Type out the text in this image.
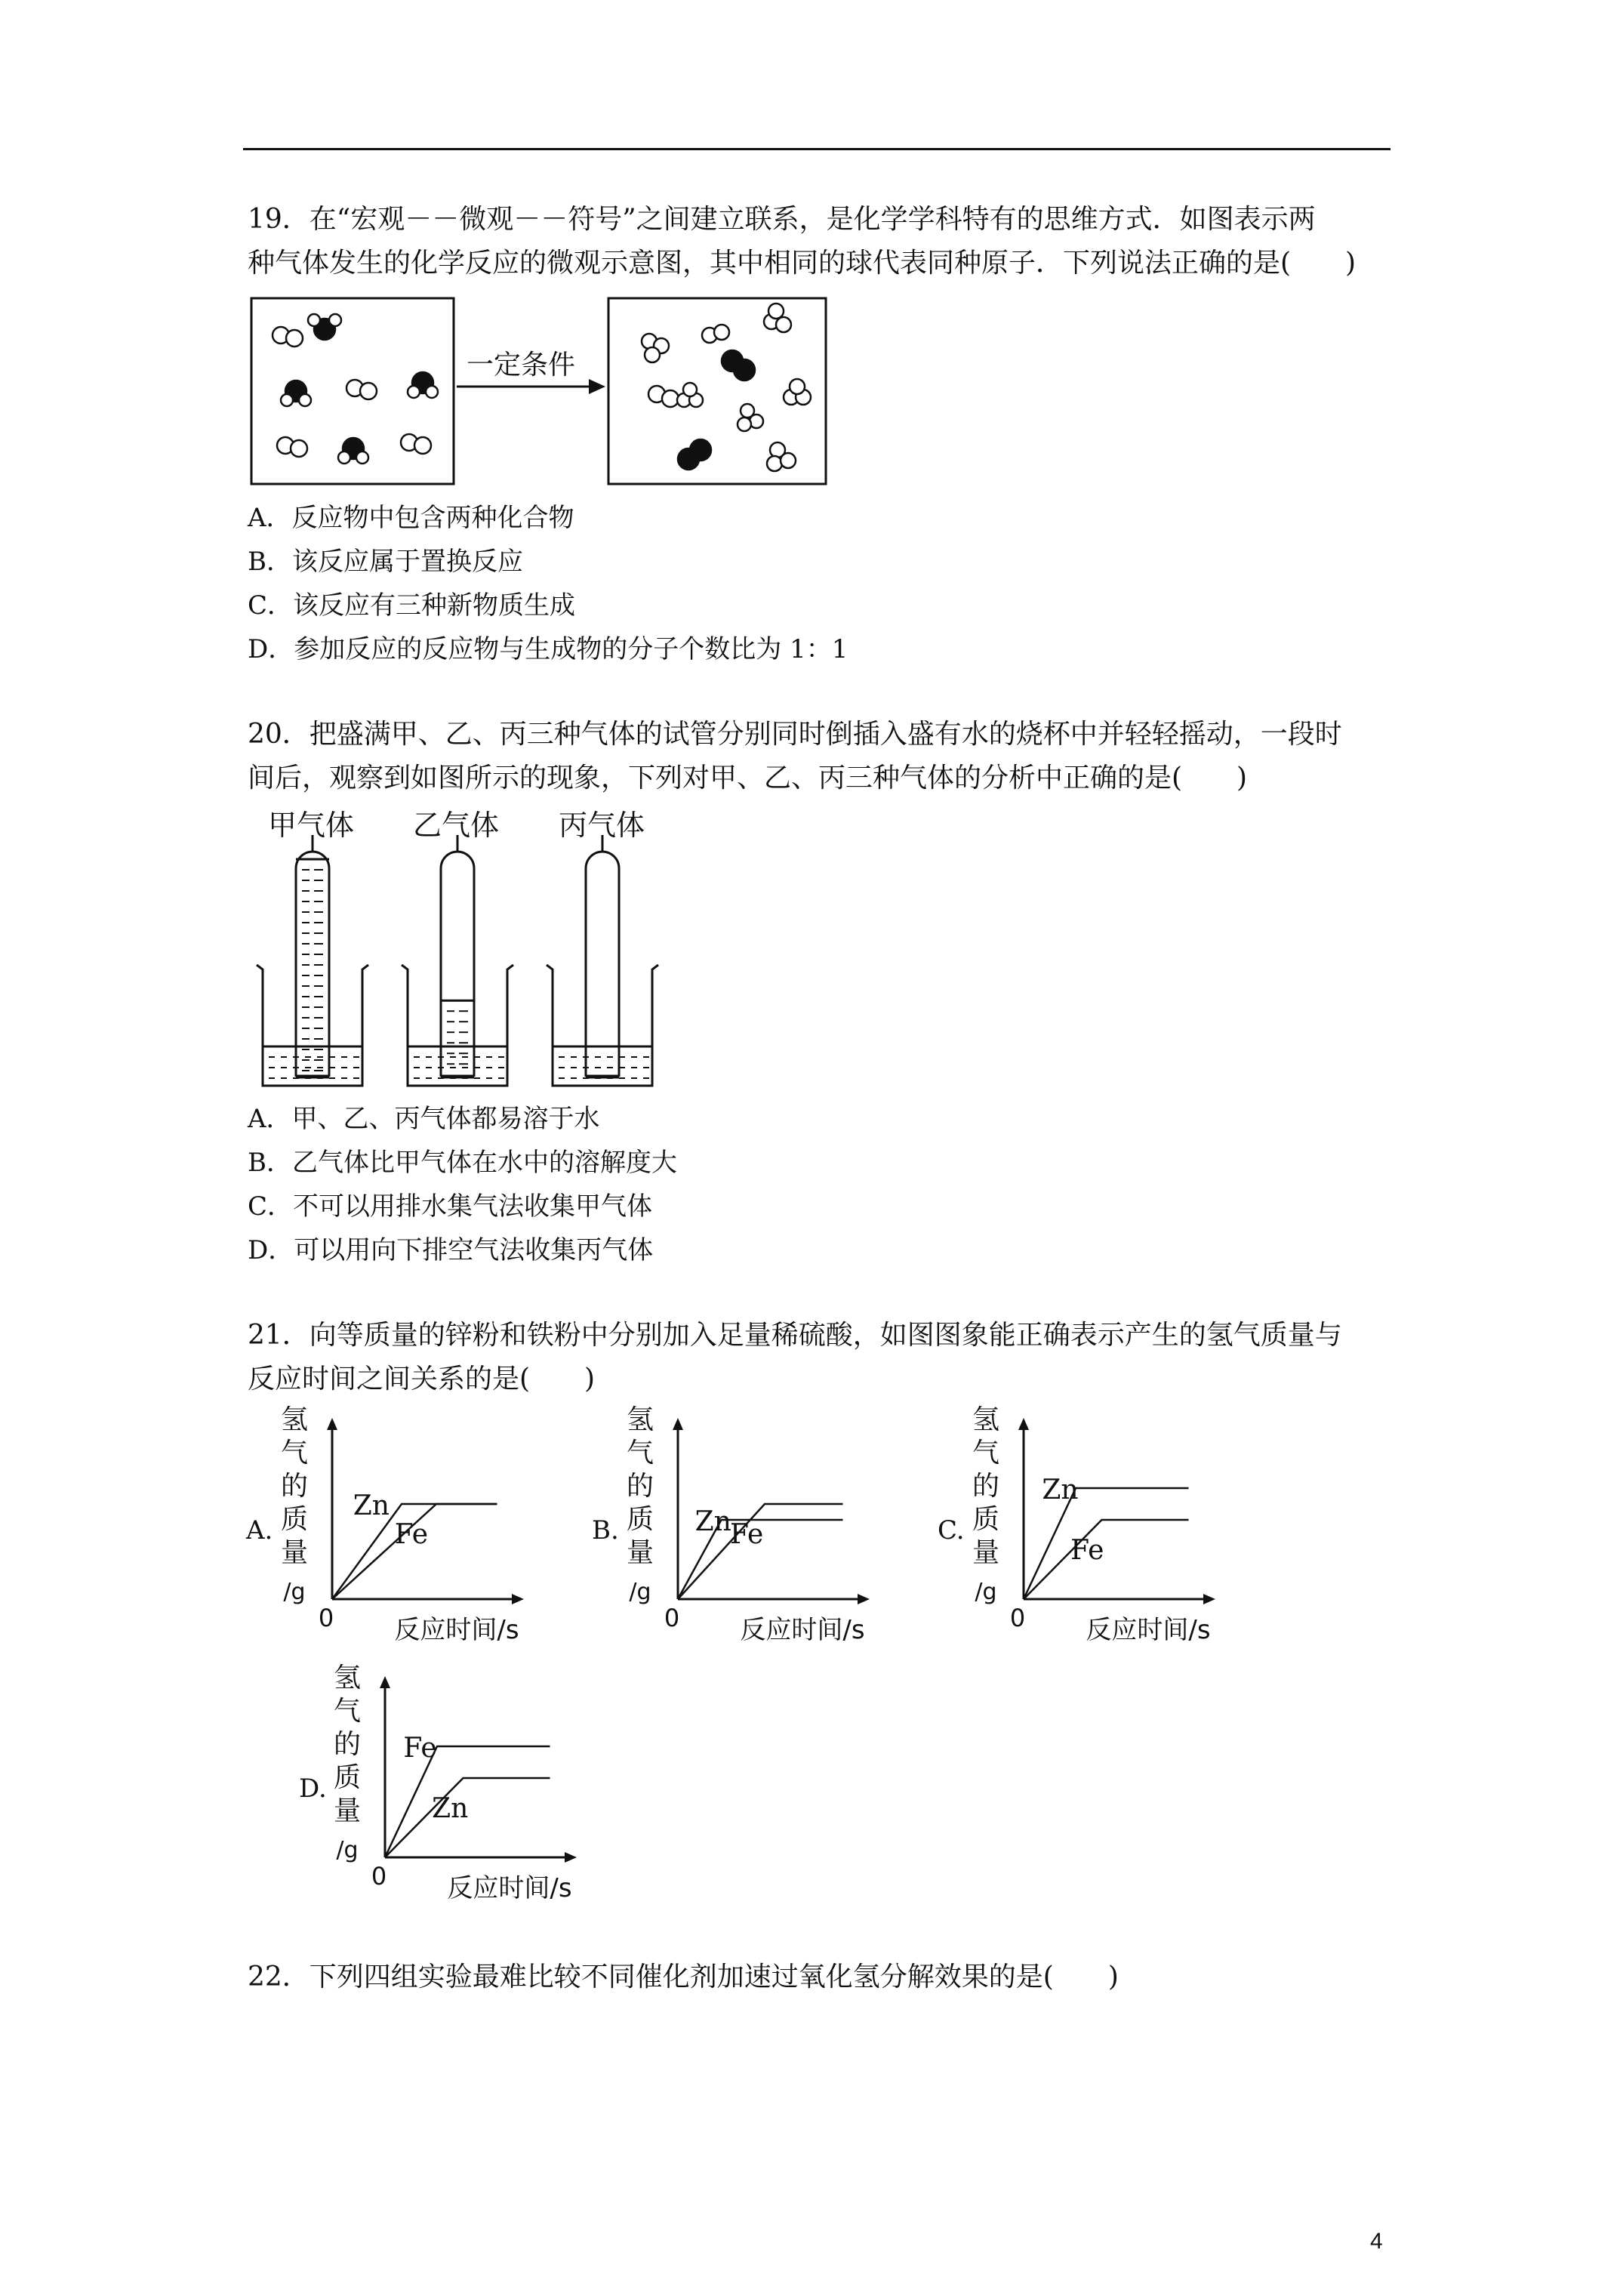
19．在“宏观－－微观－－符号”之间建立联系，是化学学科特有的思维方式．如图表示两
种气体发生的化学反应的微观示意图，其中相同的球代表同种原子．下列说法正确的是(　　)
一定条件
A．反应物中包含两种化合物
B．该反应属于置换反应
C．该反应有三种新物质生成
D．参加反应的反应物与生成物的分子个数比为 1：1
20．把盛满甲、乙、丙三种气体的试管分别同时倒插入盛有水的烧杯中并轻轻摇动，一段时
间后，观察到如图所示的现象，下列对甲、乙、丙三种气体的分析中正确的是(　　)
甲气体 乙气体 丙气体
A．甲、乙、丙气体都易溶于水
B．乙气体比甲气体在水中的溶解度大
C．不可以用排水集气法收集甲气体
D．可以用向下排空气法收集丙气体
21．向等质量的锌粉和铁粉中分别加入足量稀硫酸，如图图象能正确表示产生的氢气质量与
反应时间之间关系的是(　　)
A.
氢
气
的
质
量
/g
0 反应时间/s
Zn
Fe	B.
氢
气
的
质
量
/g
0 反应时间/s
Zn
Fe	C.
氢
气
的
质
量
/g
0 反应时间/s
Zn
Fe
D.
氢
气
的
质
量
/g
0 反应时间/s
Fe
Zn
22．下列四组实验最难比较不同催化剂加速过氧化氢分解效果的是(　　)
4
